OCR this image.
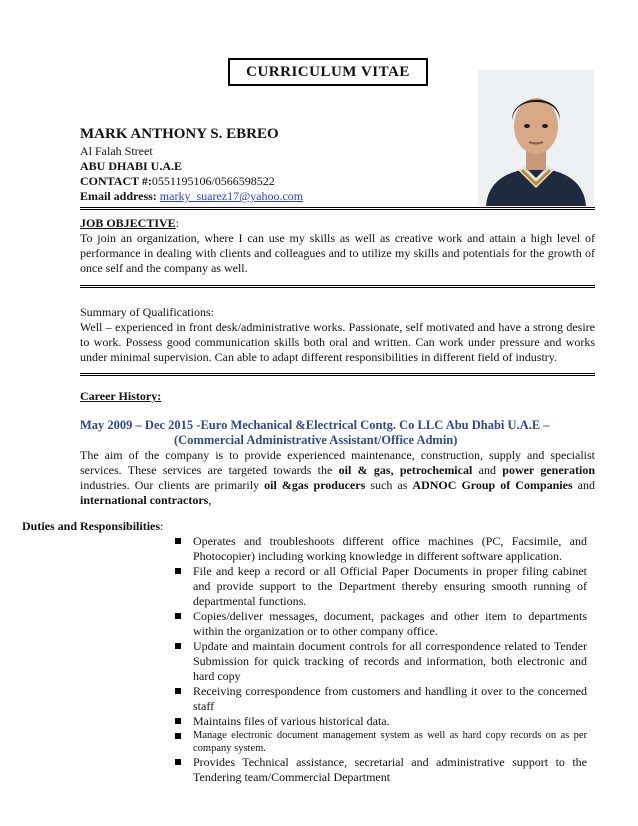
CURRICULUM VITAE
MARK ANTHONY S. EBREO
Al Falah Street
ABU DHABI U.A.E
CONTACT #:0551195106/0566598522
Email address: marky_suarez17@yahoo.com
JOB OBJECTIVE:
To join an organization, where I can use my skills as well as creative work and attain a high level of performance in dealing with clients and colleagues and to utilize my skills and potentials for the growth of once self and the company as well.
Summary of Qualifications:
Well – experienced in front desk/administrative works. Passionate, self motivated and have a strong desire to work. Possess good communication skills both oral and written. Can work under pressure and works under minimal supervision. Can able to adapt different responsibilities in different field of industry.
Career History:
May 2009 – Dec 2015 -Euro Mechanical &Electrical Contg. Co LLC Abu Dhabi U.A.E –
(Commercial Administrative Assistant/Office Admin)
The aim of the company is to provide experienced maintenance, construction, supply and specialist services. These services are targeted towards the oil & gas, petrochemical and power generation industries. Our clients are primarily oil &gas producers such as ADNOC Group of Companies and international contractors,
Duties and Responsibilities:
Operates and troubleshoots different office machines (PC, Facsimile, and Photocopier) including working knowledge in different software application.
File and keep a record or all Official Paper Documents in proper filing cabinet and provide support to the Department thereby ensuring smooth running of departmental functions.
Copies/deliver messages, document, packages and other item to departments within the organization or to other company office.
Update and maintain document controls for all correspondence related to Tender Submission for quick tracking of records and information, both electronic and hard copy
Receiving correspondence from customers and handling it over to the concerned staff
Maintains files of various historical data.
Manage electronic document management system as well as hard copy records on as per company system.
Provides Technical assistance, secretarial and administrative support to the Tendering team/Commercial Department
